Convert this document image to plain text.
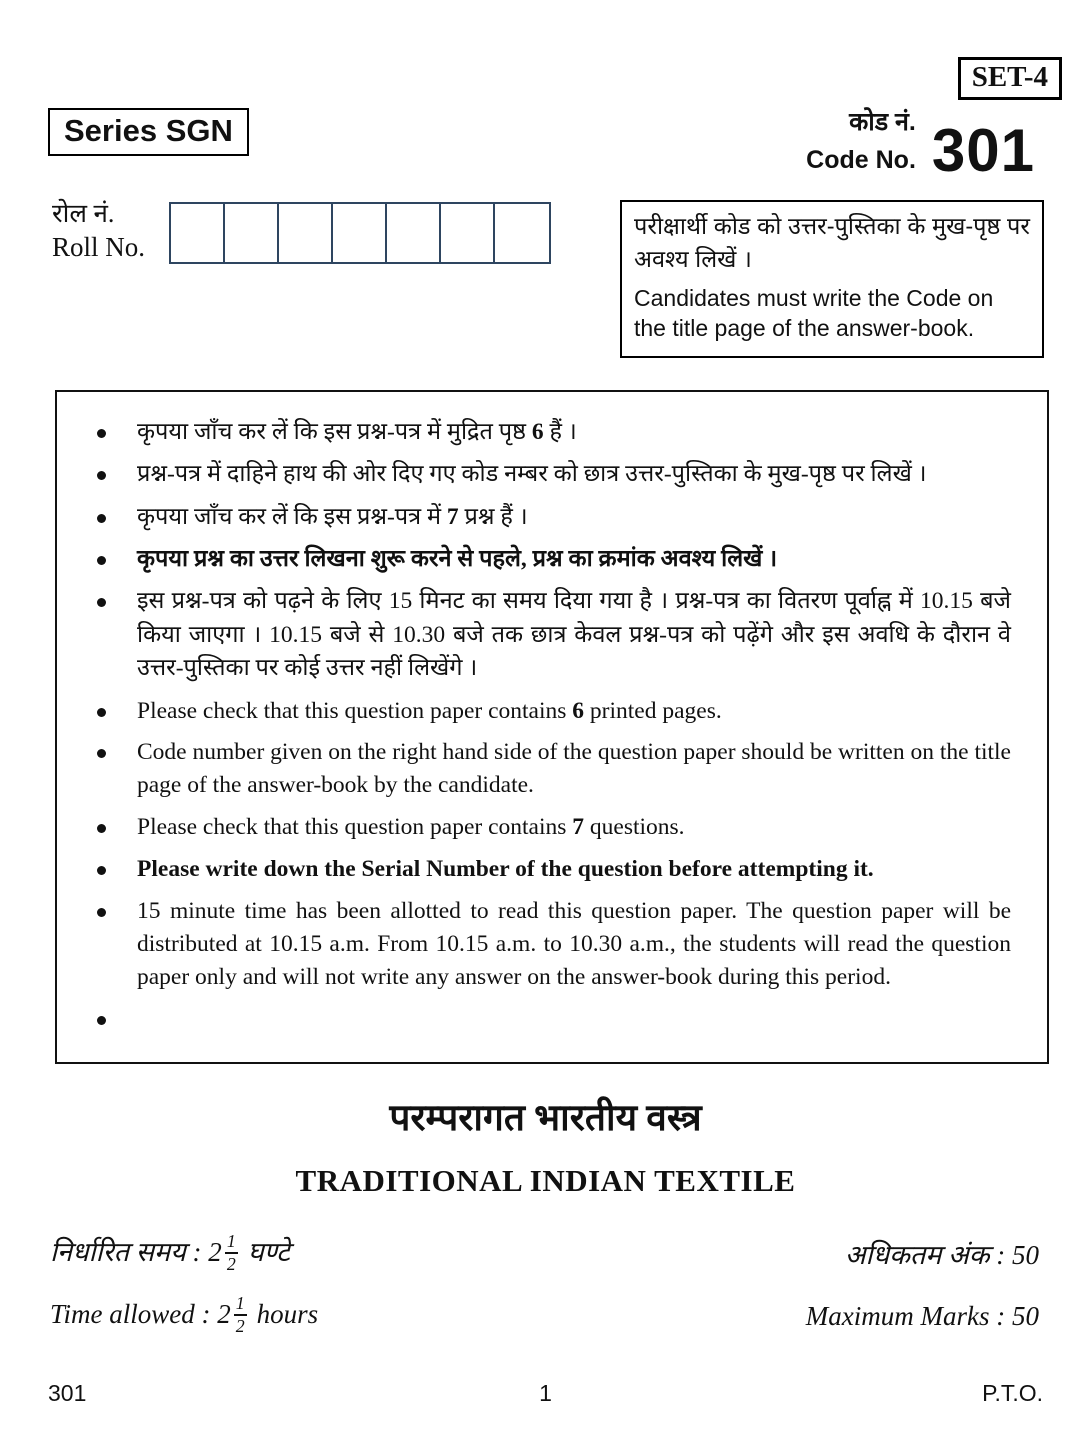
SET-4
Series SGN	कोड नं.
Code No. 301
रोल नं.
Roll No.
परीक्षार्थी कोड को उत्तर-पुस्तिका के मुख-पृष्ठ पर अवश्य लिखें ।
Candidates must write the Code on the title page of the answer-book.
कृपया जाँच कर लें कि इस प्रश्न-पत्र में मुद्रित पृष्ठ 6 हैं ।
प्रश्न-पत्र में दाहिने हाथ की ओर दिए गए कोड नम्बर को छात्र उत्तर-पुस्तिका के मुख-पृष्ठ पर लिखें ।
कृपया जाँच कर लें कि इस प्रश्न-पत्र में 7 प्रश्न हैं ।
कृपया प्रश्न का उत्तर लिखना शुरू करने से पहले, प्रश्न का क्रमांक अवश्य लिखें ।
इस प्रश्न-पत्र को पढ़ने के लिए 15 मिनट का समय दिया गया है । प्रश्न-पत्र का वितरण पूर्वाह्न में 10.15 बजे किया जाएगा । 10.15 बजे से 10.30 बजे तक छात्र केवल प्रश्न-पत्र को पढ़ेंगे और इस अवधि के दौरान वे उत्तर-पुस्तिका पर कोई उत्तर नहीं लिखेंगे ।
Please check that this question paper contains 6 printed pages.
Code number given on the right hand side of the question paper should be written on the title page of the answer-book by the candidate.
Please check that this question paper contains 7 questions.
Please write down the Serial Number of the question before attempting it.
15 minute time has been allotted to read this question paper. The question paper will be distributed at 10.15 a.m. From 10.15 a.m. to 10.30 a.m., the students will read the question paper only and will not write any answer on the answer-book during this period.
परम्परागत भारतीय वस्त्र
TRADITIONAL INDIAN TEXTILE
निर्धारित समय : $2 \frac{1}{2}$ घण्टे	अधिकतम अंक : 50
Time allowed : $2 \frac{1}{2}$ hours	Maximum Marks : 50
301	1	P.T.O.
